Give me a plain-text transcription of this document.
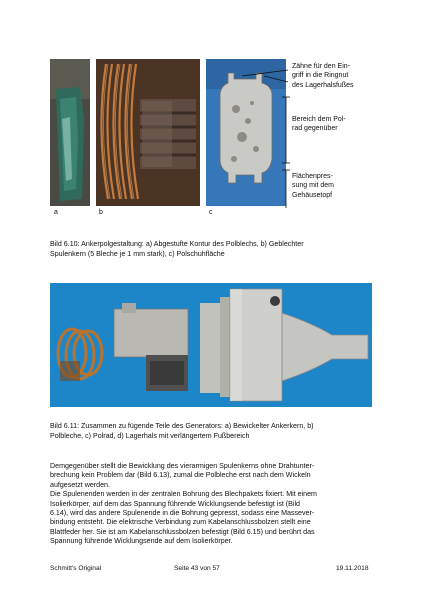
a	b	c
Zähne für den Ein-
griff in die Ringnut
des Lagerhalsfußes
Bereich dem Pol-
rad gegenüber
Flächenpres-
sung mit dem
Gehäusetopf
Bild 6.10: Ankerpolgestaltung: a) Abgestufte Kontur des Polblechs, b) Geblechter
Spulenkern (5 Bleche je 1 mm stark), c) Polschuhfläche
Bild 6.11: Zusammen zu fügende Teile des Generators: a) Bewickelter Ankerkern, b)
Polbleche, c) Polrad, d) Lagerhals mit verlängertem Fußbereich
Demgegenüber stellt die Bewicklung des vierarmigen Spulenkerns ohne Drahtunter-
brechung kein Problem dar (Bild 6.13), zumal die Polbleche erst nach dem Wickeln
aufgesetzt werden.
Die Spulenenden werden in der zentralen Bohrung des Blechpakets fixiert. Mit einem
Isolierkörper, auf dem das Spannung führende Wicklungsende befestigt ist (Bild
6.14), wird das andere Spulenende in die Bohrung gepresst, sodass eine Massever-
bindung entsteht. Die elektrische Verbindung zum Kabelanschlussbolzen stellt eine
Blattfeder her. Sie ist am Kabelanschlussbolzen befestigt (Bild 6.15) und berührt das
Spannung führende Wicklungsende auf dem Isolierkörper.
Schmitt's Original	Seite 43 von 57	19.11.2018
